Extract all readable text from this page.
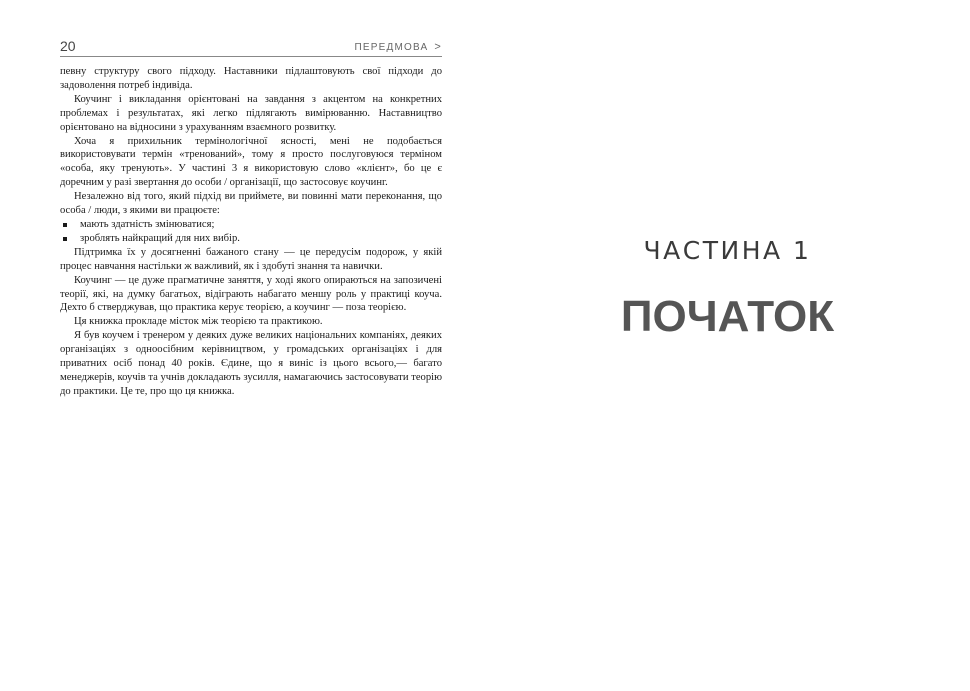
20	ПЕРЕДМОВА >

певну структуру свого підходу. Наставники підлаштовують свої підходи до задоволення потреб індивіда.

Коучинг і викладання орієнтовані на завдання з акцентом на конкретних проблемах і результатах, які легко підлягають вимірюванню. Наставництво орієнтовано на відносини з урахуванням взаємного розвитку.

Хоча я прихильник термінологічної ясності, мені не подобається використовувати термін «тренований», тому я просто послуговуюся терміном «особа, яку тренують». У частині 3 я використовую слово «клієнт», бо це є доречним у разі звертання до особи / організації, що застосовує коучинг.

Незалежно від того, який підхід ви приймете, ви повинні мати переконання, що особа / люди, з якими ви працюєте:

мають здатність змінюватися;
зроблять найкращий для них вибір.

Підтримка їх у досягненні бажаного стану — це передусім подорож, у якій процес навчання настільки ж важливий, як і здобуті знання та навички.

Коучинг — це дуже прагматичне заняття, у ході якого опираються на запозичені теорії, які, на думку багатьох, відіграють набагато меншу роль у практиці коуча. Дехто б стверджував, що практика керує теорією, а коучинг — поза теорією.

Ця книжка прокладе місток між теорією та практикою.

Я був коучем і тренером у деяких дуже великих національних компаніях, деяких організаціях з одноосібним керівництвом, у громадських організаціях і для приватних осіб понад 40 років. Єдине, що я виніс із цього всього,— багато менеджерів, коучів та учнів докладають зусилля, намагаючись застосовувати теорію до практики. Це те, про що ця книжка.

ЧАСТИНА 1
ПОЧАТОК
